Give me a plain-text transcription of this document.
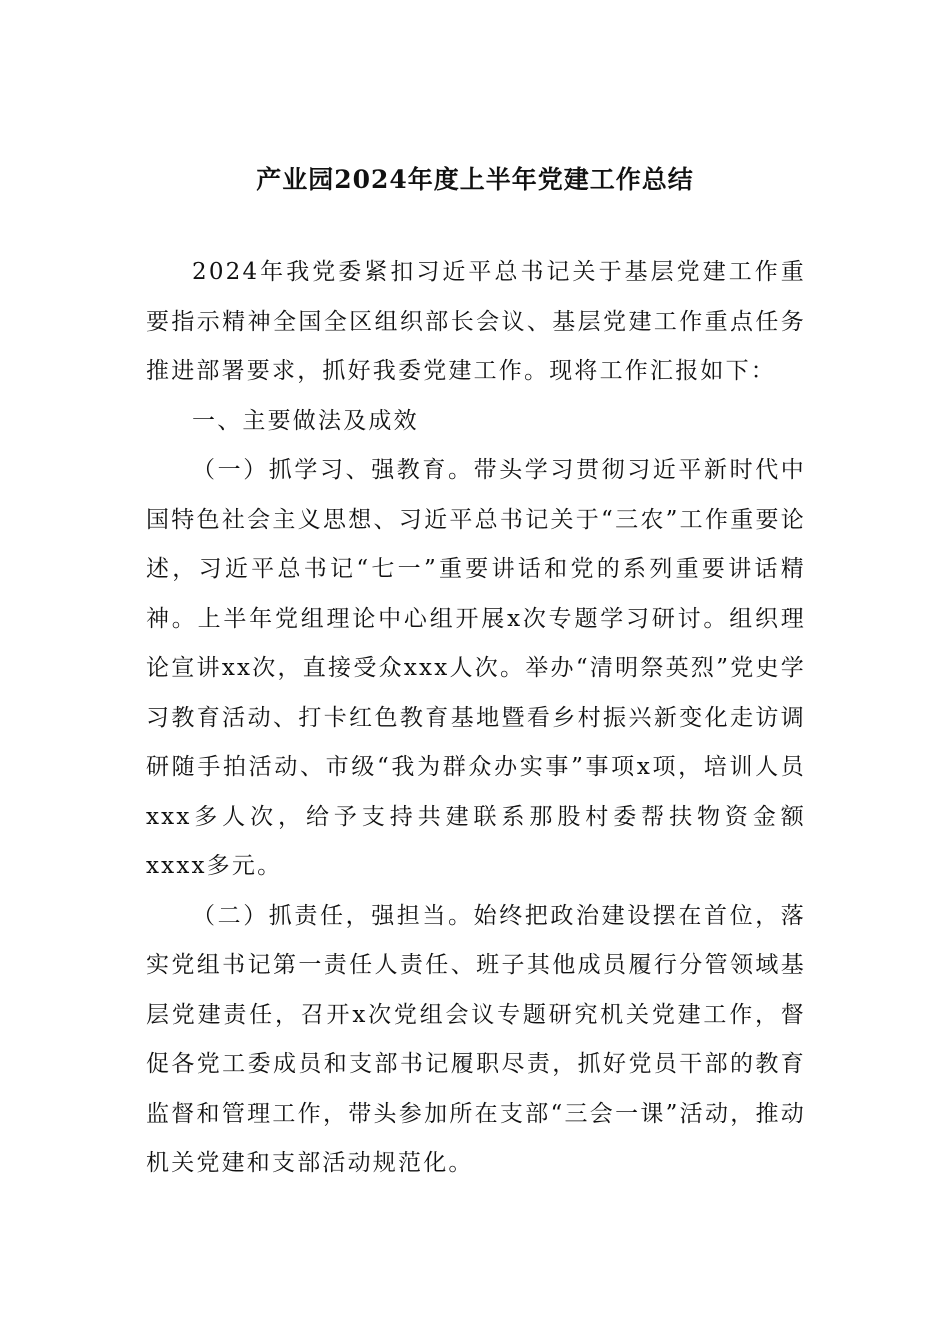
产业园2024年度上半年党建工作总结

2024年我党委紧扣习近平总书记关于基层党建工作重要指示精神全国全区组织部长会议、基层党建工作重点任务推进部署要求，抓好我委党建工作。现将工作汇报如下：

一、主要做法及成效

（一）抓学习、强教育。带头学习贯彻习近平新时代中国特色社会主义思想、习近平总书记关于“三农”工作重要论述，习近平总书记“七一”重要讲话和党的系列重要讲话精神。上半年党组理论中心组开展x次专题学习研讨。组织理论宣讲xx次，直接受众xxx人次。举办“清明祭英烈”党史学习教育活动、打卡红色教育基地暨看乡村振兴新变化走访调研随手拍活动、市级“我为群众办实事”事项x项，培训人员xxx多人次，给予支持共建联系那股村委帮扶物资金额xxxx多元。

（二）抓责任，强担当。始终把政治建设摆在首位，落实党组书记第一责任人责任、班子其他成员履行分管领域基层党建责任，召开x次党组会议专题研究机关党建工作，督促各党工委成员和支部书记履职尽责，抓好党员干部的教育监督和管理工作，带头参加所在支部“三会一课”活动，推动机关党建和支部活动规范化。
